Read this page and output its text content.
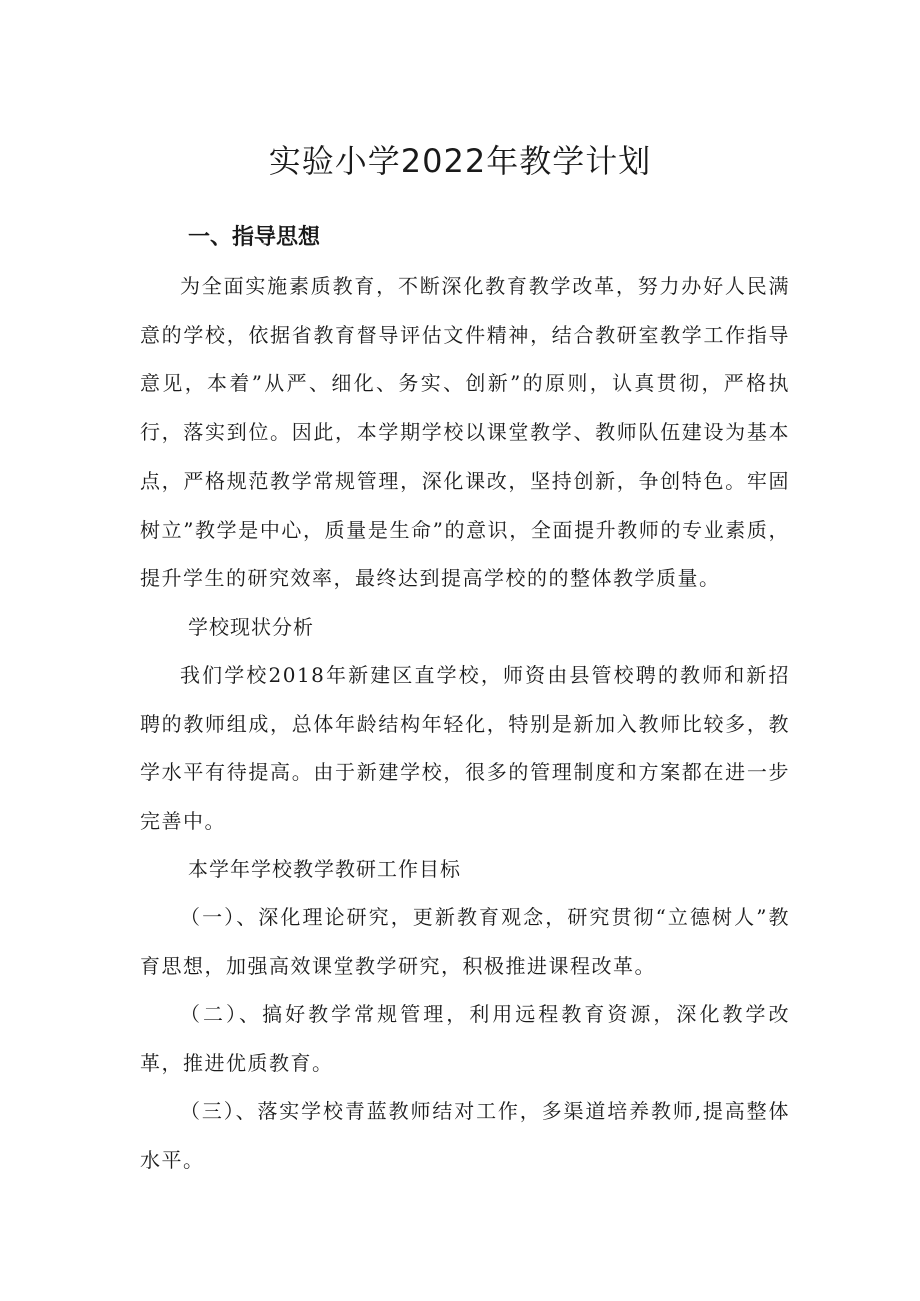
实验小学2022年教学计划
一、指导思想

为全面实施素质教育，不断深化教育教学改革，努力办好人民满意的学校，依据省教育督导评估文件精神，结合教研室教学工作指导意见，本着”从严、细化、务实、创新”的原则，认真贯彻，严格执行，落实到位。因此，本学期学校以课堂教学、教师队伍建设为基本点，严格规范教学常规管理，深化课改，坚持创新，争创特色。牢固树立”教学是中心，质量是生命”的意识，全面提升教师的专业素质，提升学生的研究效率，最终达到提高学校的的整体教学质量。

学校现状分析

我们学校2018年新建区直学校，师资由县管校聘的教师和新招聘的教师组成，总体年龄结构年轻化，特别是新加入教师比较多，教学水平有待提高。由于新建学校，很多的管理制度和方案都在进一步完善中。

本学年学校教学教研工作目标

（一）、深化理论研究，更新教育观念，研究贯彻“立德树人”教育思想，加强高效课堂教学研究，积极推进课程改革。

（二）、搞好教学常规管理，利用远程教育资源，深化教学改革，推进优质教育。

（三）、落实学校青蓝教师结对工作，多渠道培养教师,提高整体水平。
